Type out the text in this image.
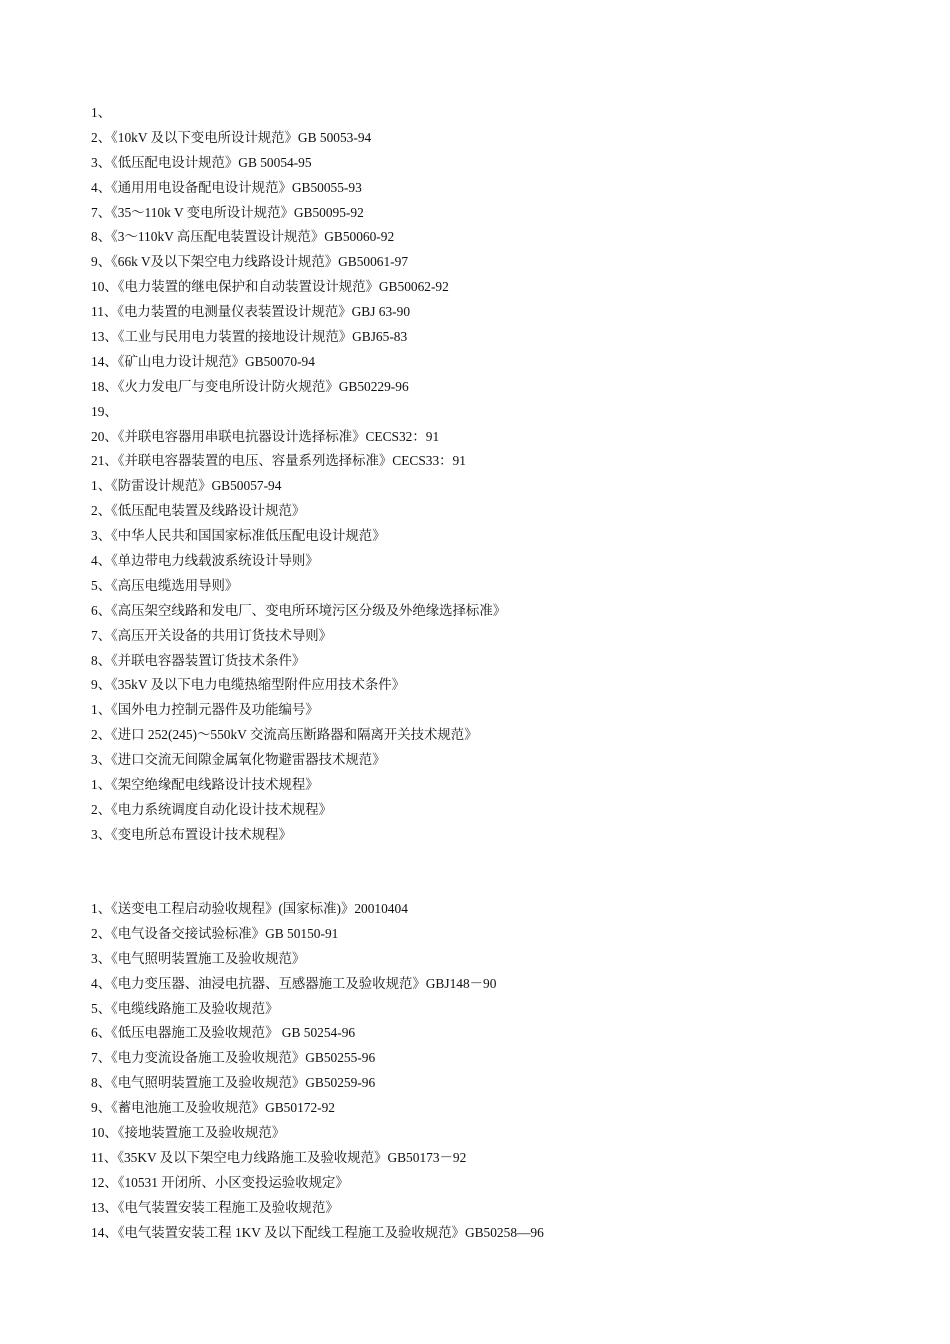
1、
2、《10kV 及以下变电所设计规范》GB 50053-94
3、《低压配电设计规范》GB 50054-95
4、《通用用电设备配电设计规范》GB50055-93
7、《35～110k V 变电所设计规范》GB50095-92
8、《3～110kV 高压配电装置设计规范》GB50060-92
9、《66k V及以下架空电力线路设计规范》GB50061-97
10、《电力装置的继电保护和自动装置设计规范》GB50062-92
11、《电力装置的电测量仪表装置设计规范》GBJ 63-90
13、《工业与民用电力装置的接地设计规范》GBJ65-83
14、《矿山电力设计规范》GB50070-94
18、《火力发电厂与变电所设计防火规范》GB50229-96
19、
20、《并联电容器用串联电抗器设计选择标准》CECS32：91
21、《并联电容器装置的电压、容量系列选择标准》CECS33：91
1、《防雷设计规范》GB50057-94
2、《低压配电装置及线路设计规范》
3、《中华人民共和国国家标准低压配电设计规范》
4、《单边带电力线载波系统设计导则》
5、《高压电缆选用导则》
6、《高压架空线路和发电厂、变电所环境污区分级及外绝缘选择标准》
7、《高压开关设备的共用订货技术导则》
8、《并联电容器装置订货技术条件》
9、《35kV 及以下电力电缆热缩型附件应用技术条件》
1、《国外电力控制元器件及功能编号》
2、《进口 252(245)～550kV 交流高压断路器和隔离开关技术规范》
3、《进口交流无间隙金属氧化物避雷器技术规范》
1、《架空绝缘配电线路设计技术规程》
2、《电力系统调度自动化设计技术规程》
3、《变电所总布置设计技术规程》
1、《送变电工程启动验收规程》(国家标准)》20010404
2、《电气设备交接试验标准》GB 50150-91
3、《电气照明装置施工及验收规范》
4、《电力变压器、油浸电抗器、互感器施工及验收规范》GBJ148－90
5、《电缆线路施工及验收规范》
6、《低压电器施工及验收规范》 GB 50254-96
7、《电力变流设备施工及验收规范》GB50255-96
8、《电气照明装置施工及验收规范》GB50259-96
9、《蓄电池施工及验收规范》GB50172-92
10、《接地装置施工及验收规范》
11、《35KV 及以下架空电力线路施工及验收规范》GB50173－92
12、《10531 开闭所、小区变投运验收规定》
13、《电气装置安装工程施工及验收规范》
14、《电气装置安装工程 1KV 及以下配线工程施工及验收规范》GB50258—96
